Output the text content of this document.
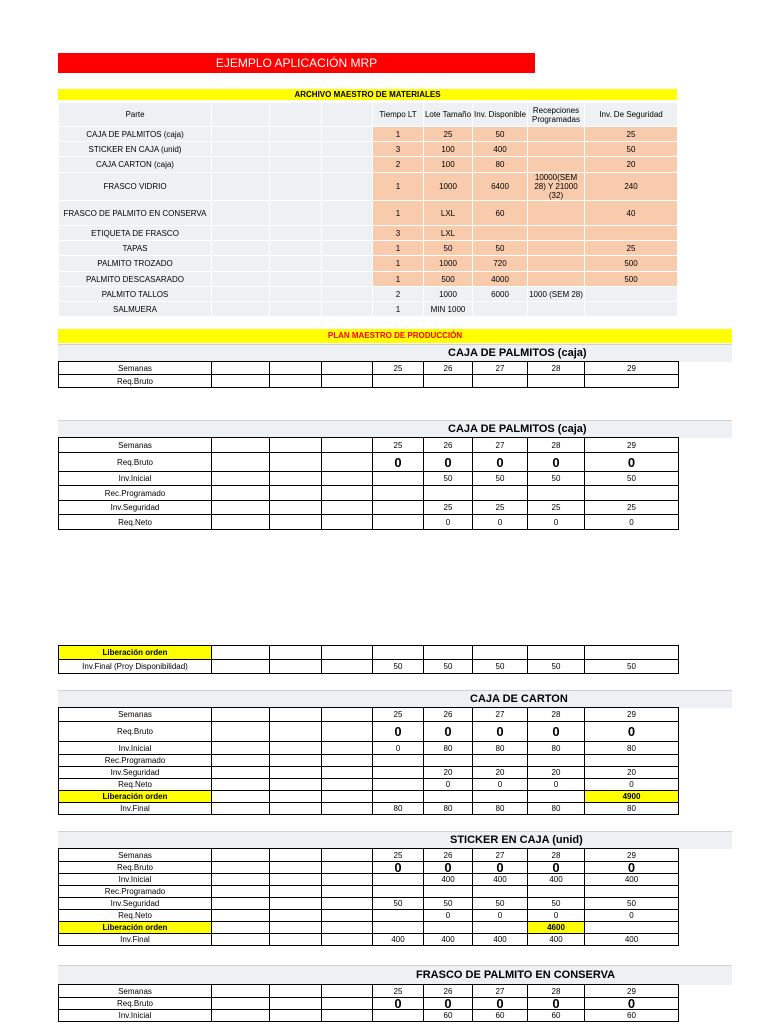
EJEMPLO APLICACIÓN MRP
ARCHIVO MAESTRO DE MATERIALES
Parte				Tiempo LT	Lote Tamaño	Inv. Disponible	Recepciones Programadas	Inv. De Seguridad
CAJA DE PALMITOS (caja)				1	25	50		25
STICKER EN CAJA (unid)				3	100	400		50
CAJA CARTON (caja)				2	100	80		20
FRASCO VIDRIO				1	1000	6400	10000(SEM 28) Y 21000 (32)	240
FRASCO DE PALMITO EN CONSERVA				1	LXL	60		40
ETIQUETA DE FRASCO				3	LXL			
TAPAS				1	50	50		25
PALMITO TROZADO				1	1000	720		500
PALMITO DESCASARADO				1	500	4000		500
PALMITO TALLOS				2	1000	6000	1000 (SEM 28)	
SALMUERA				1	MIN 1000			
PLAN MAESTRO DE PRODUCCIÓN
CAJA DE PALMITOS (caja)
Semanas				25	26	27	28	29
Req.Bruto								
CAJA DE PALMITOS (caja)
Semanas				25	26	27	28	29
Req.Bruto				0	0	0	0	0
Inv.Inicial					50	50	50	50
Rec.Programado								
Inv.Seguridad					25	25	25	25
Req.Neto					0	0	0	0
Liberación orden								
Inv.Final (Proy Disponibilidad)				50	50	50	50	50
CAJA DE CARTON
Semanas				25	26	27	28	29
Req.Bruto				0	0	0	0	0
Inv.Inicial				0	80	80	80	80
Rec.Programado								
Inv.Seguridad					20	20	20	20
Req.Neto					0	0	0	0
Liberación orden								4900
Inv.Final				80	80	80	80	80
STICKER EN CAJA (unid)
Semanas				25	26	27	28	29
Req.Bruto				0	0	0	0	0
Inv.Inicial					400	400	400	400
Rec.Programado								
Inv.Seguridad				50	50	50	50	50
Req.Neto					0	0	0	0
Liberación orden							4600	
Inv.Final				400	400	400	400	400
FRASCO DE PALMITO EN CONSERVA
Semanas				25	26	27	28	29
Req.Bruto				0	0	0	0	0
Inv.Inicial					60	60	60	60
